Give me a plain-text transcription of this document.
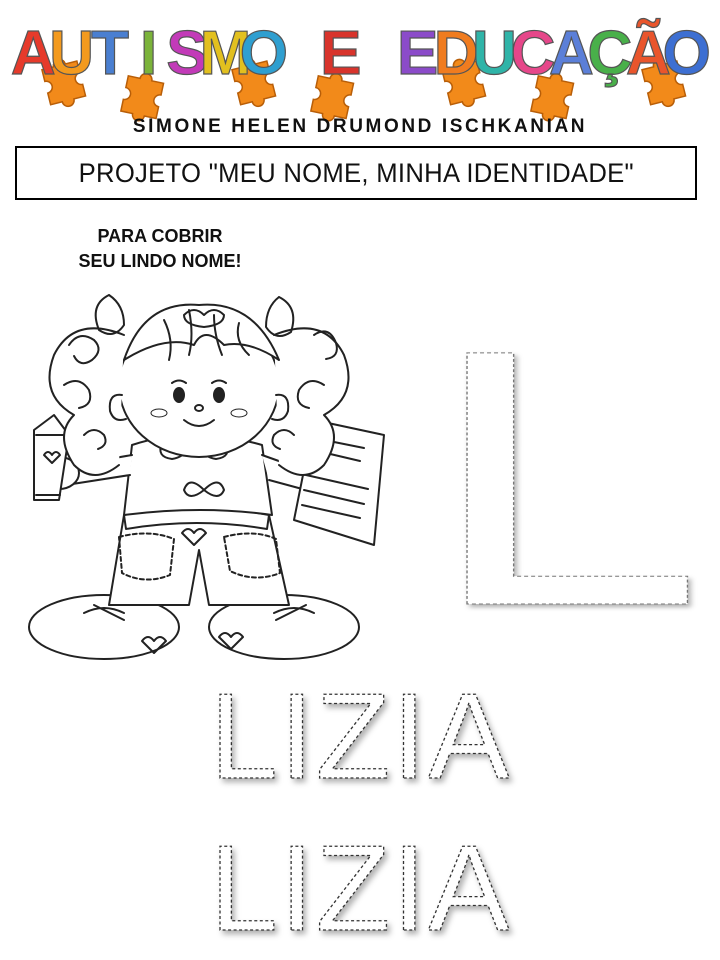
A
U
T I S
M
O E E
D
U
C
A
Ç
Ã
O
SIMONE HELEN DRUMOND ISCHKANIAN
PROJETO "MEU NOME, MINHA IDENTIDADE"
PARA COBRIR
SEU LINDO NOME!
L
LIZIA
LIZIA
